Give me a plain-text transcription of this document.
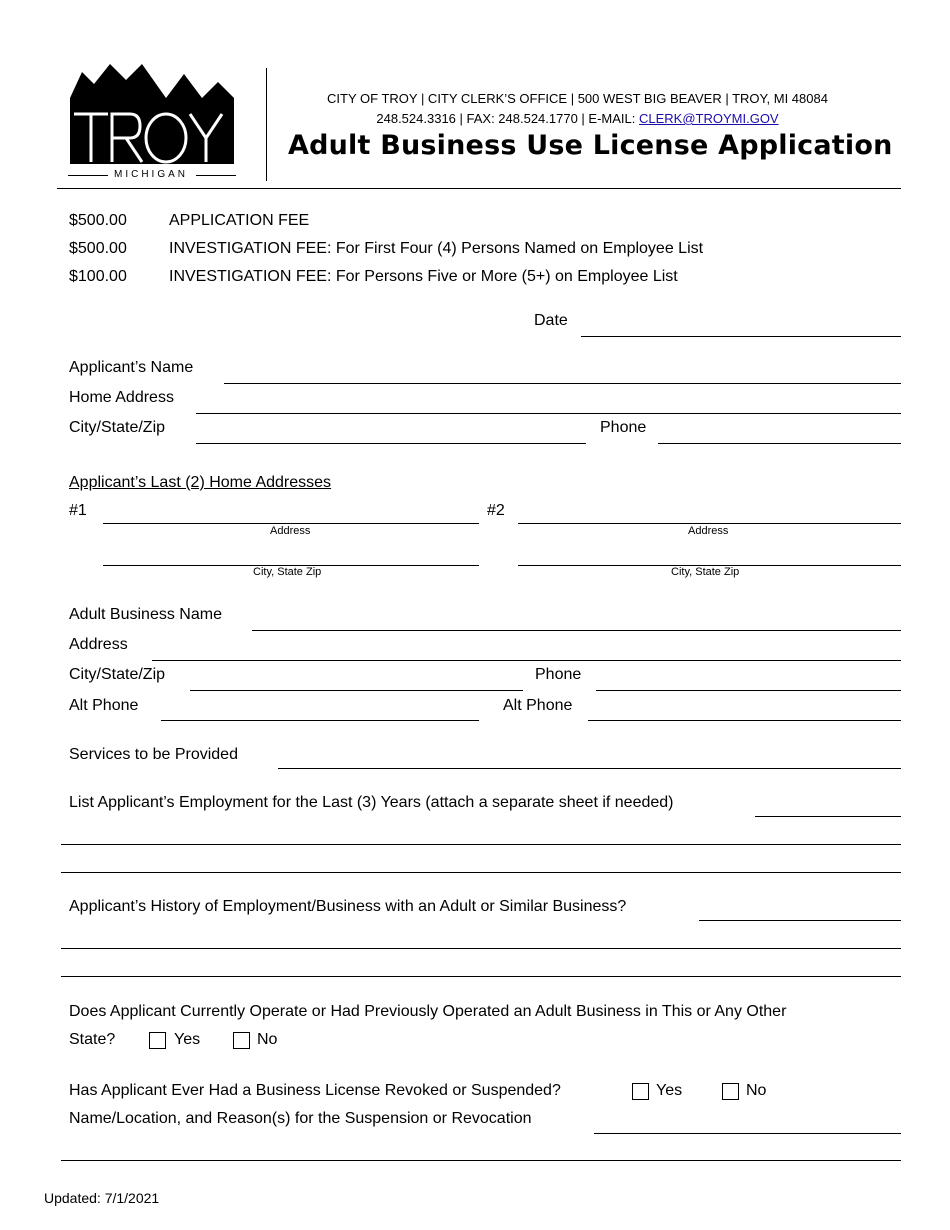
MICHIGAN
CITY OF TROY | CITY CLERK’S OFFICE | 500 WEST BIG BEAVER | TROY, MI 48084
248.524.3316 | FAX: 248.524.1770 | E-MAIL: CLERK@TROYMI.GOV
Adult Business Use License Application
$500.00	APPLICATION FEE
$500.00	INVESTIGATION FEE: For First Four (4) Persons Named on Employee List
$100.00	INVESTIGATION FEE: For Persons Five or More (5+) on Employee List
Date
Applicant’s Name
Home Address
City/State/Zip	Phone
Applicant’s Last (2) Home Addresses
#1
Address
City, State Zip
#2
Address
City, State Zip
Adult Business Name
Address
City/State/Zip	Phone
Alt Phone	Alt Phone
Services to be Provided
List Applicant’s Employment for the Last (3) Years (attach a separate sheet if needed)
Applicant’s History of Employment/Business with an Adult or Similar Business?
Does Applicant Currently Operate or Had Previously Operated an Adult Business in This or Any Other
State?	Yes	No
Has Applicant Ever Had a Business License Revoked or Suspended?	Yes	No
Name/Location, and Reason(s) for the Suspension or Revocation
Updated: 7/1/2021
